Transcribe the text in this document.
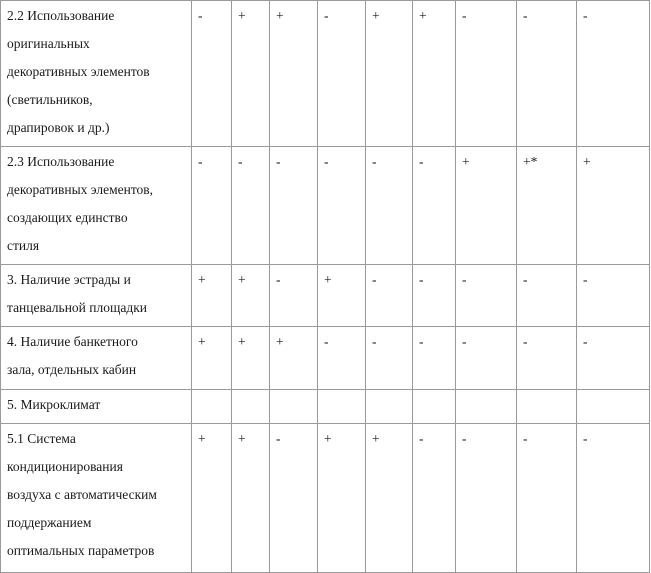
2.2 Использование
оригинальных
декоративных элементов
(светильников,
драпировок и др.)	-	+	+	-	+	+	-	-	-

2.3 Использование
декоративных элементов,
создающих единство
стиля	-	-	-	-	-	-	+	+*	+

3. Наличие эстрады и
танцевальной площадки	+	+	-	+	-	-	-	-	-

4. Наличие банкетного
зала, отдельных кабин	+	+	+	-	-	-	-	-	-

5. Микроклимат									

5.1 Система
кондиционирования
воздуха с автоматическим
поддержанием
оптимальных параметров	+	+	-	+	+	-	-	-	-
